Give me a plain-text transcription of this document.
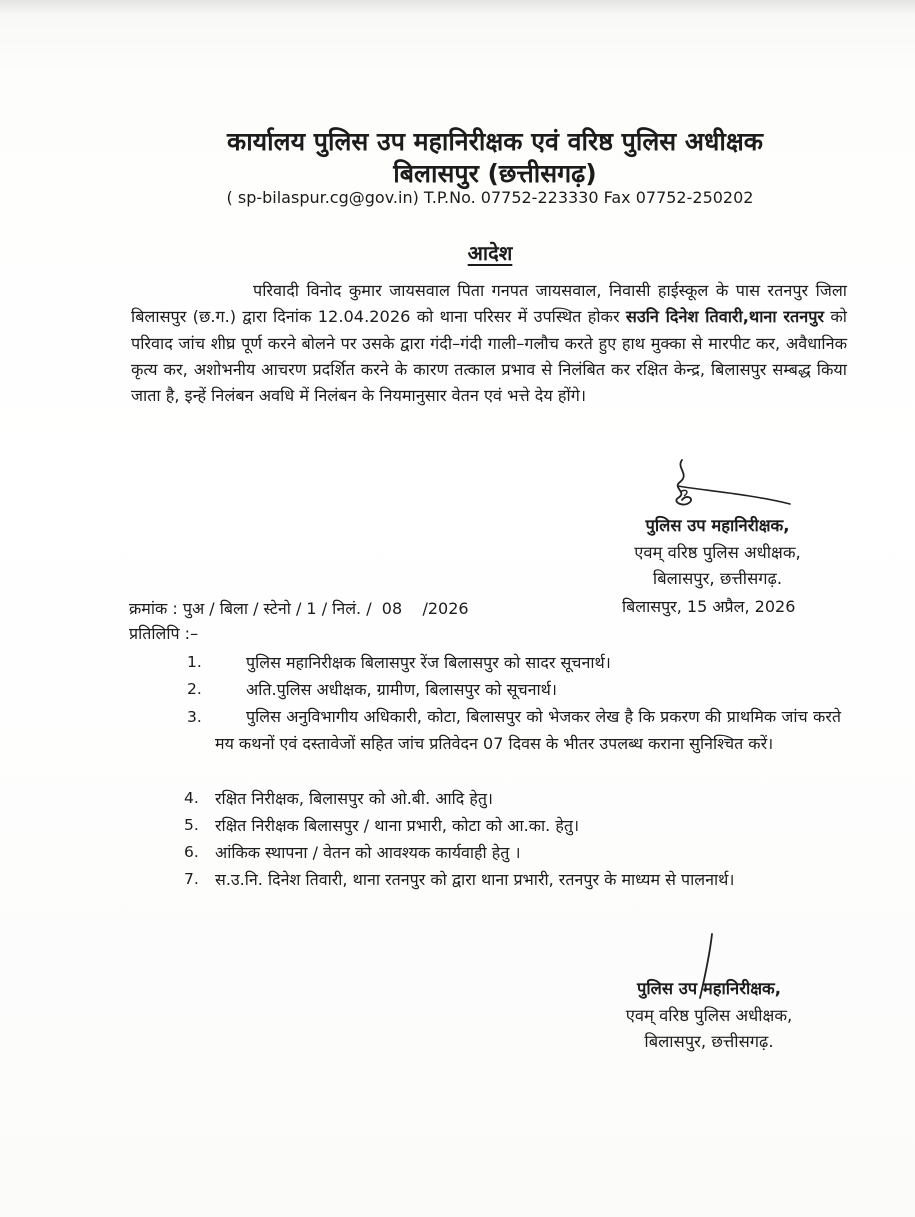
कार्यालय पुलिस उप महानिरीक्षक एवं वरिष्ठ पुलिस अधीक्षक
बिलासपुर (छत्तीसगढ़)
( sp-bilaspur.cg@gov.in) T.P.No. 07752-223330 Fax 07752-250202
आदेश
परिवादी विनोद कुमार जायसवाल पिता गनपत जायसवाल, निवासी हाईस्कूल के पास रतनपुर जिला बिलासपुर (छ.ग.) द्वारा दिनांक 12.04.2026 को थाना परिसर में उपस्थित होकर सउनि दिनेश तिवारी,थाना रतनपुर को परिवाद जांच शीघ्र पूर्ण करने बोलने पर उसके द्वारा गंदी–गंदी गाली–गलौच करते हुए हाथ मुक्का से मारपीट कर, अवैधानिक कृत्य कर, अशोभनीय आचरण प्रदर्शित करने के कारण तत्काल प्रभाव से निलंबित कर रक्षित केन्द्र, बिलासपुर सम्बद्ध किया जाता है, इन्हें निलंबन अवधि में निलंबन के नियमानुसार वेतन एवं भत्ते देय होंगे।
पुलिस उप महानिरीक्षक,
एवम् वरिष्ठ पुलिस अधीक्षक,
बिलासपुर, छत्तीसगढ़.
क्रमांक : पुअ / बिला / स्टेनो / 1 / निलं. /  08    /2026	बिलासपुर, 15 अप्रैल, 2026
प्रतिलिपि :–
1.	पुलिस महानिरीक्षक बिलासपुर रेंज बिलासपुर को सादर सूचनार्थ।
2.	अति.पुलिस अधीक्षक, ग्रामीण, बिलासपुर को सूचनार्थ।
3.	पुलिस अनुविभागीय अधिकारी, कोटा, बिलासपुर को भेजकर लेख है कि प्रकरण की प्राथमिक जांच करते मय कथनों एवं दस्तावेजों सहित जांच प्रतिवेदन 07 दिवस के भीतर उपलब्ध कराना सुनिश्चित करें।
4. रक्षित निरीक्षक, बिलासपुर को ओ.बी. आदि हेतु।
5. रक्षित निरीक्षक बिलासपुर / थाना प्रभारी, कोटा को आ.का. हेतु।
6. आंकिक स्थापना / वेतन को आवश्यक कार्यवाही हेतु ।
7. स.उ.नि. दिनेश तिवारी, थाना रतनपुर को द्वारा थाना प्रभारी, रतनपुर के माध्यम से पालनार्थ।
पुलिस उप महानिरीक्षक,
एवम् वरिष्ठ पुलिस अधीक्षक,
बिलासपुर, छत्तीसगढ़.
